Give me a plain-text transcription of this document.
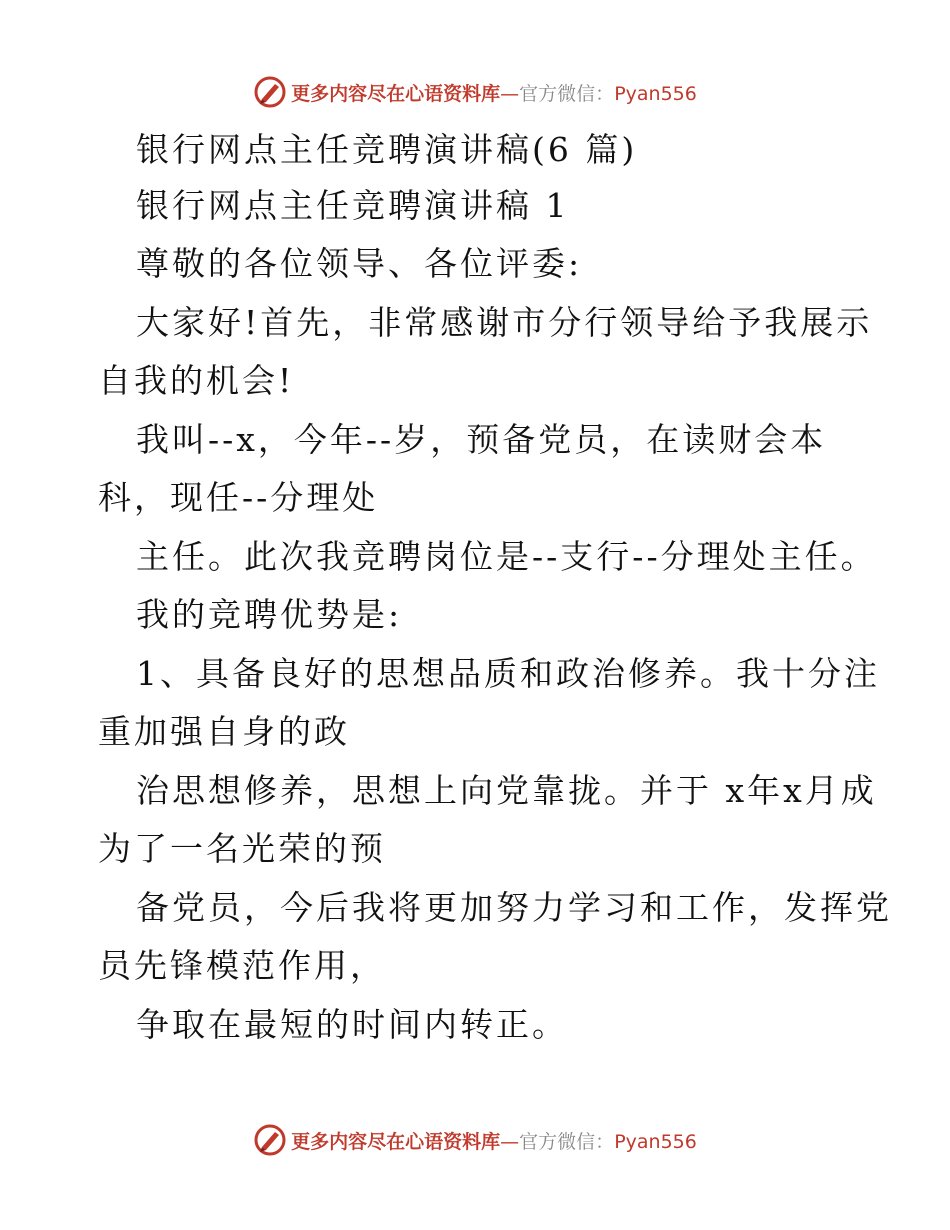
更多内容尽在心语资料库—官方微信：Pyan556
银行网点主任竞聘演讲稿(6 篇)
银行网点主任竞聘演讲稿 1
尊敬的各位领导、各位评委:
大家好!首先，非常感谢市分行领导给予我展示
自我的机会!
我叫--x，今年--岁，预备党员，在读财会本
科，现任--分理处
主任。此次我竞聘岗位是--支行--分理处主任。
我的竞聘优势是:
1、具备良好的思想品质和政治修养。我十分注
重加强自身的政
治思想修养，思想上向党靠拢。并于 x年x月成
为了一名光荣的预
备党员，今后我将更加努力学习和工作，发挥党
员先锋模范作用，
争取在最短的时间内转正。
更多内容尽在心语资料库—官方微信：Pyan556
